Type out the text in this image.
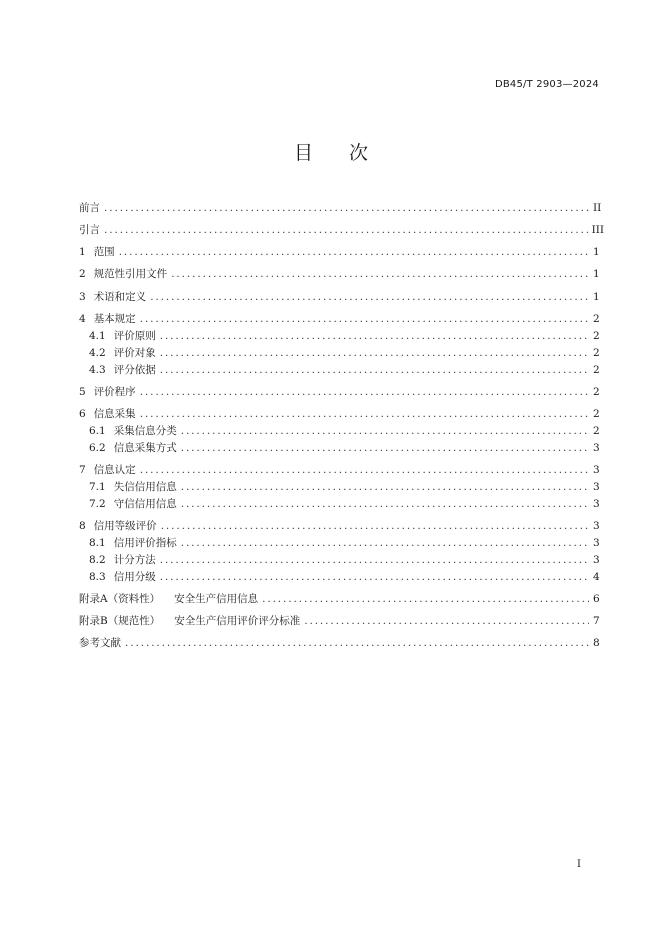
DB45/T 2903—2024
目 次
前言 .....	II
引言 .....	III
1 范围 .....	1
2 规范性引用文件 .....	1
3 术语和定义 .....	1
4 基本规定 .....	2
4.1 评价原则 .....	2
4.2 评价对象 .....	2
4.3 评分依据 .....	2
5 评价程序 .....	2
6 信息采集 .....	2
6.1 采集信息分类 .....	2
6.2 信息采集方式 .....	3
7 信息认定 .....	3
7.1 失信信用信息 .....	3
7.2 守信信用信息 .....	3
8 信用等级评价 .....	3
8.1 信用评价指标 .....	3
8.2 计分方法 .....	3
8.3 信用分级 .....	4
附录A（资料性） 安全生产信用信息 .....	6
附录B（规范性） 安全生产信用评价评分标准 .....	7
参考文献 .....	8
I
